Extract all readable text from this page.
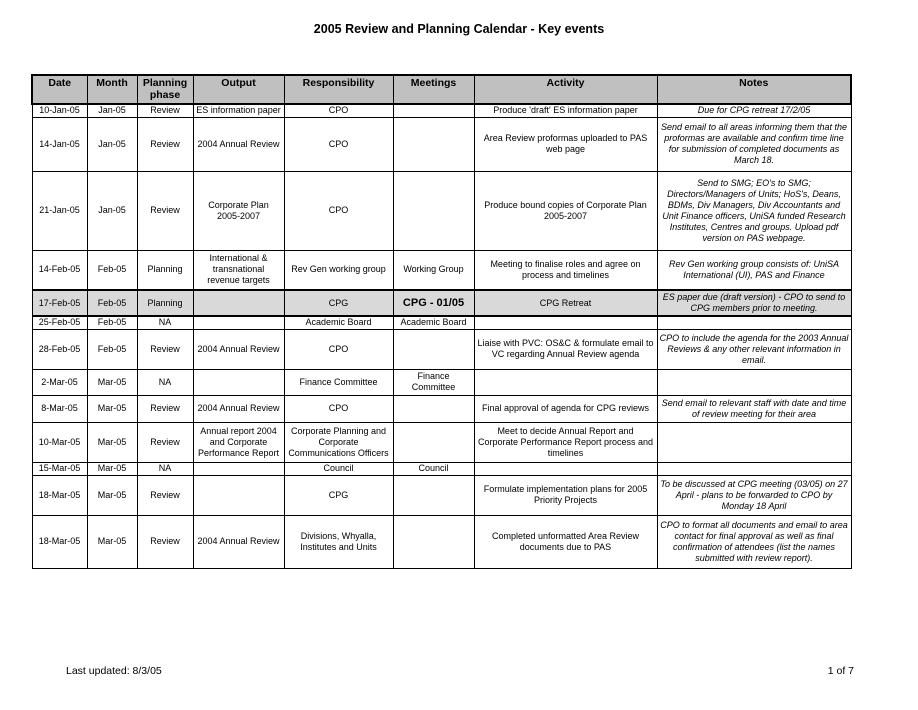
2005 Review and Planning Calendar - Key events
Date	Month	Planning phase	Output	Responsibility	Meetings	Activity	Notes
10-Jan-05	Jan-05	Review	ES information paper	CPO		Produce 'draft' ES information paper	Due for CPG retreat 17/2/05
14-Jan-05	Jan-05	Review	2004 Annual Review	CPO		Area Review proformas uploaded to PAS web page	Send email to all areas informing them that the proformas are available and confirm time line for submission of completed documents as March 18.
21-Jan-05	Jan-05	Review	Corporate Plan 2005-2007	CPO		Produce bound copies of Corporate Plan 2005-2007	Send to SMG; EO's to SMG; Directors/Managers of Units; HoS's, Deans, BDMs, Div Managers, Div Accountants and Unit Finance officers, UniSA funded Research Institutes, Centres and groups. Upload pdf version on PAS webpage.
14-Feb-05	Feb-05	Planning	International & transnational revenue targets	Rev Gen working group	Working Group	Meeting to finalise roles and agree on process and timelines	Rev Gen working group consists of: UniSA International (UI), PAS and Finance
17-Feb-05	Feb-05	Planning		CPG	CPG - 01/05	CPG Retreat	ES paper due (draft version) - CPO to send to CPG members prior to meeting.
25-Feb-05	Feb-05	NA		Academic Board	Academic Board		
28-Feb-05	Feb-05	Review	2004 Annual Review	CPO		Liaise with PVC: OS&C & formulate email to VC regarding Annual Review agenda	CPO to include the agenda for the 2003 Annual Reviews & any other relevant information in email.
2-Mar-05	Mar-05	NA		Finance Committee	Finance Committee		
8-Mar-05	Mar-05	Review	2004 Annual Review	CPO		Final approval of agenda for CPG reviews	Send email to relevant staff with date and time of review meeting for their area
10-Mar-05	Mar-05	Review	Annual report 2004 and Corporate Performance Report	Corporate Planning and Corporate Communications Officers		Meet to decide Annual Report and Corporate Performance Report process and timelines	
15-Mar-05	Mar-05	NA		Council	Council		
18-Mar-05	Mar-05	Review		CPG		Formulate implementation plans for 2005 Priority Projects	To be discussed at CPG meeting (03/05) on 27 April - plans to be forwarded to CPO by Monday 18 April
18-Mar-05	Mar-05	Review	2004 Annual Review	Divisions, Whyalla, Institutes and Units		Completed unformatted Area Review documents due to PAS	CPO to format all documents and email to area contact for final approval as well as final confirmation of attendees (list the names submitted with review report).
Last updated: 8/3/05	1 of 7
